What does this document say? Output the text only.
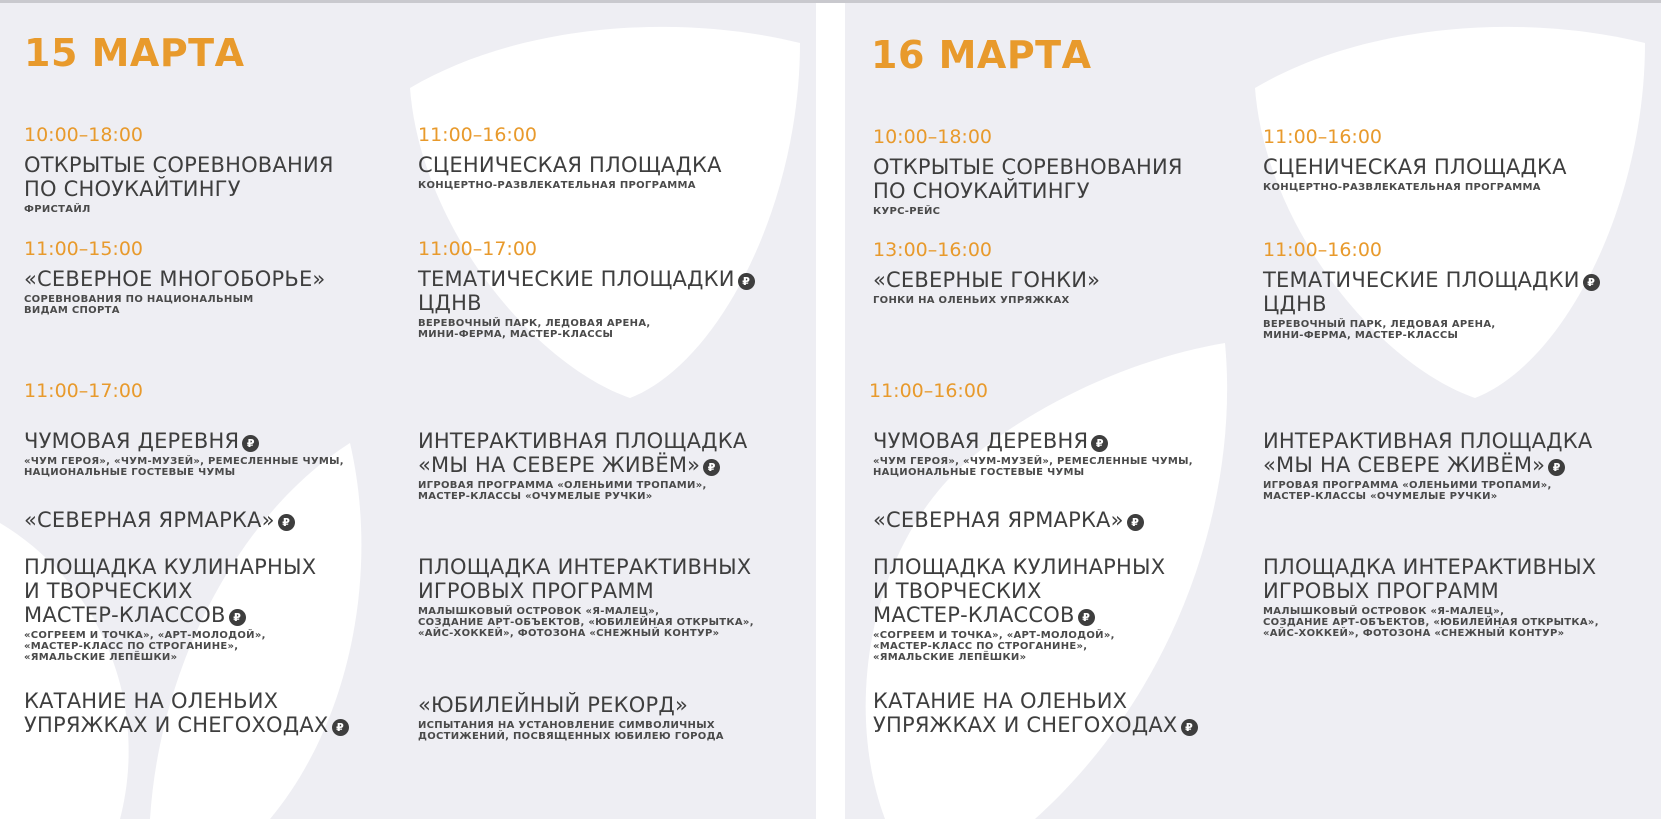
15 МАРТА
10:00–18:00
ОТКРЫТЫЕ СОРЕВНОВАНИЯ
ПО СНОУКАЙТИНГУ
ФРИСТАЙЛ
11:00–16:00
СЦЕНИЧЕСКАЯ ПЛОЩАДКА
КОНЦЕРТНО-РАЗВЛЕКАТЕЛЬНАЯ ПРОГРАММА
11:00–15:00
«СЕВЕРНОЕ МНОГОБОРЬЕ»
СОРЕВНОВАНИЯ ПО НАЦИОНАЛЬНЫМ
ВИДАМ СПОРТА
11:00–17:00
ТЕМАТИЧЕСКИЕ ПЛОЩАДКИ ₽
ЦДНВ
ВЕРЕВОЧНЫЙ ПАРК, ЛЕДОВАЯ АРЕНА,
МИНИ-ФЕРМА, МАСТЕР-КЛАССЫ
11:00–17:00
ЧУМОВАЯ ДЕРЕВНЯ ₽
«ЧУМ ГЕРОЯ», «ЧУМ-МУЗЕЙ», РЕМЕСЛЕННЫЕ ЧУМЫ,
НАЦИОНАЛЬНЫЕ ГОСТЕВЫЕ ЧУМЫ
ИНТЕРАКТИВНАЯ ПЛОЩАДКА
«МЫ НА СЕВЕРЕ ЖИВЁМ» ₽
ИГРОВАЯ ПРОГРАММА «ОЛЕНЬИМИ ТРОПАМИ»,
МАСТЕР-КЛАССЫ «ОЧУМЕЛЫЕ РУЧКИ»
«СЕВЕРНАЯ ЯРМАРКА» ₽
ПЛОЩАДКА КУЛИНАРНЫХ
И ТВОРЧЕСКИХ
МАСТЕР-КЛАССОВ ₽
«СОГРЕЕМ И ТОЧКА», «АРТ-МОЛОДОЙ»,
«МАСТЕР-КЛАСС ПО СТРОГАНИНЕ»,
«ЯМАЛЬСКИЕ ЛЕПЁШКИ»
ПЛОЩАДКА ИНТЕРАКТИВНЫХ
ИГРОВЫХ ПРОГРАММ
МАЛЫШКОВЫЙ ОСТРОВОК «Я-МАЛЕЦ»,
СОЗДАНИЕ АРТ-ОБЪЕКТОВ, «ЮБИЛЕЙНАЯ ОТКРЫТКА»,
«АЙС-ХОККЕЙ», ФОТОЗОНА «СНЕЖНЫЙ КОНТУР»
КАТАНИЕ НА ОЛЕНЬИХ
УПРЯЖКАХ И СНЕГОХОДАХ ₽
«ЮБИЛЕЙНЫЙ РЕКОРД»
ИСПЫТАНИЯ НА УСТАНОВЛЕНИЕ СИМВОЛИЧНЫХ
ДОСТИЖЕНИЙ, ПОСВЯЩЕННЫХ ЮБИЛЕЮ ГОРОДА
16 МАРТА
10:00–18:00
ОТКРЫТЫЕ СОРЕВНОВАНИЯ
ПО СНОУКАЙТИНГУ
КУРС-РЕЙС
11:00–16:00
СЦЕНИЧЕСКАЯ ПЛОЩАДКА
КОНЦЕРТНО-РАЗВЛЕКАТЕЛЬНАЯ ПРОГРАММА
13:00–16:00
«СЕВЕРНЫЕ ГОНКИ»
ГОНКИ НА ОЛЕНЬИХ УПРЯЖКАХ
11:00–16:00
ТЕМАТИЧЕСКИЕ ПЛОЩАДКИ ₽
ЦДНВ
ВЕРЕВОЧНЫЙ ПАРК, ЛЕДОВАЯ АРЕНА,
МИНИ-ФЕРМА, МАСТЕР-КЛАССЫ
11:00–16:00
ЧУМОВАЯ ДЕРЕВНЯ ₽
«ЧУМ ГЕРОЯ», «ЧУМ-МУЗЕЙ», РЕМЕСЛЕННЫЕ ЧУМЫ,
НАЦИОНАЛЬНЫЕ ГОСТЕВЫЕ ЧУМЫ
ИНТЕРАКТИВНАЯ ПЛОЩАДКА
«МЫ НА СЕВЕРЕ ЖИВЁМ» ₽
ИГРОВАЯ ПРОГРАММА «ОЛЕНЬИМИ ТРОПАМИ»,
МАСТЕР-КЛАССЫ «ОЧУМЕЛЫЕ РУЧКИ»
«СЕВЕРНАЯ ЯРМАРКА» ₽
ПЛОЩАДКА КУЛИНАРНЫХ
И ТВОРЧЕСКИХ
МАСТЕР-КЛАССОВ ₽
«СОГРЕЕМ И ТОЧКА», «АРТ-МОЛОДОЙ»,
«МАСТЕР-КЛАСС ПО СТРОГАНИНЕ»,
«ЯМАЛЬСКИЕ ЛЕПЁШКИ»
ПЛОЩАДКА ИНТЕРАКТИВНЫХ
ИГРОВЫХ ПРОГРАММ
МАЛЫШКОВЫЙ ОСТРОВОК «Я-МАЛЕЦ»,
СОЗДАНИЕ АРТ-ОБЪЕКТОВ, «ЮБИЛЕЙНАЯ ОТКРЫТКА»,
«АЙС-ХОККЕЙ», ФОТОЗОНА «СНЕЖНЫЙ КОНТУР»
КАТАНИЕ НА ОЛЕНЬИХ
УПРЯЖКАХ И СНЕГОХОДАХ ₽
